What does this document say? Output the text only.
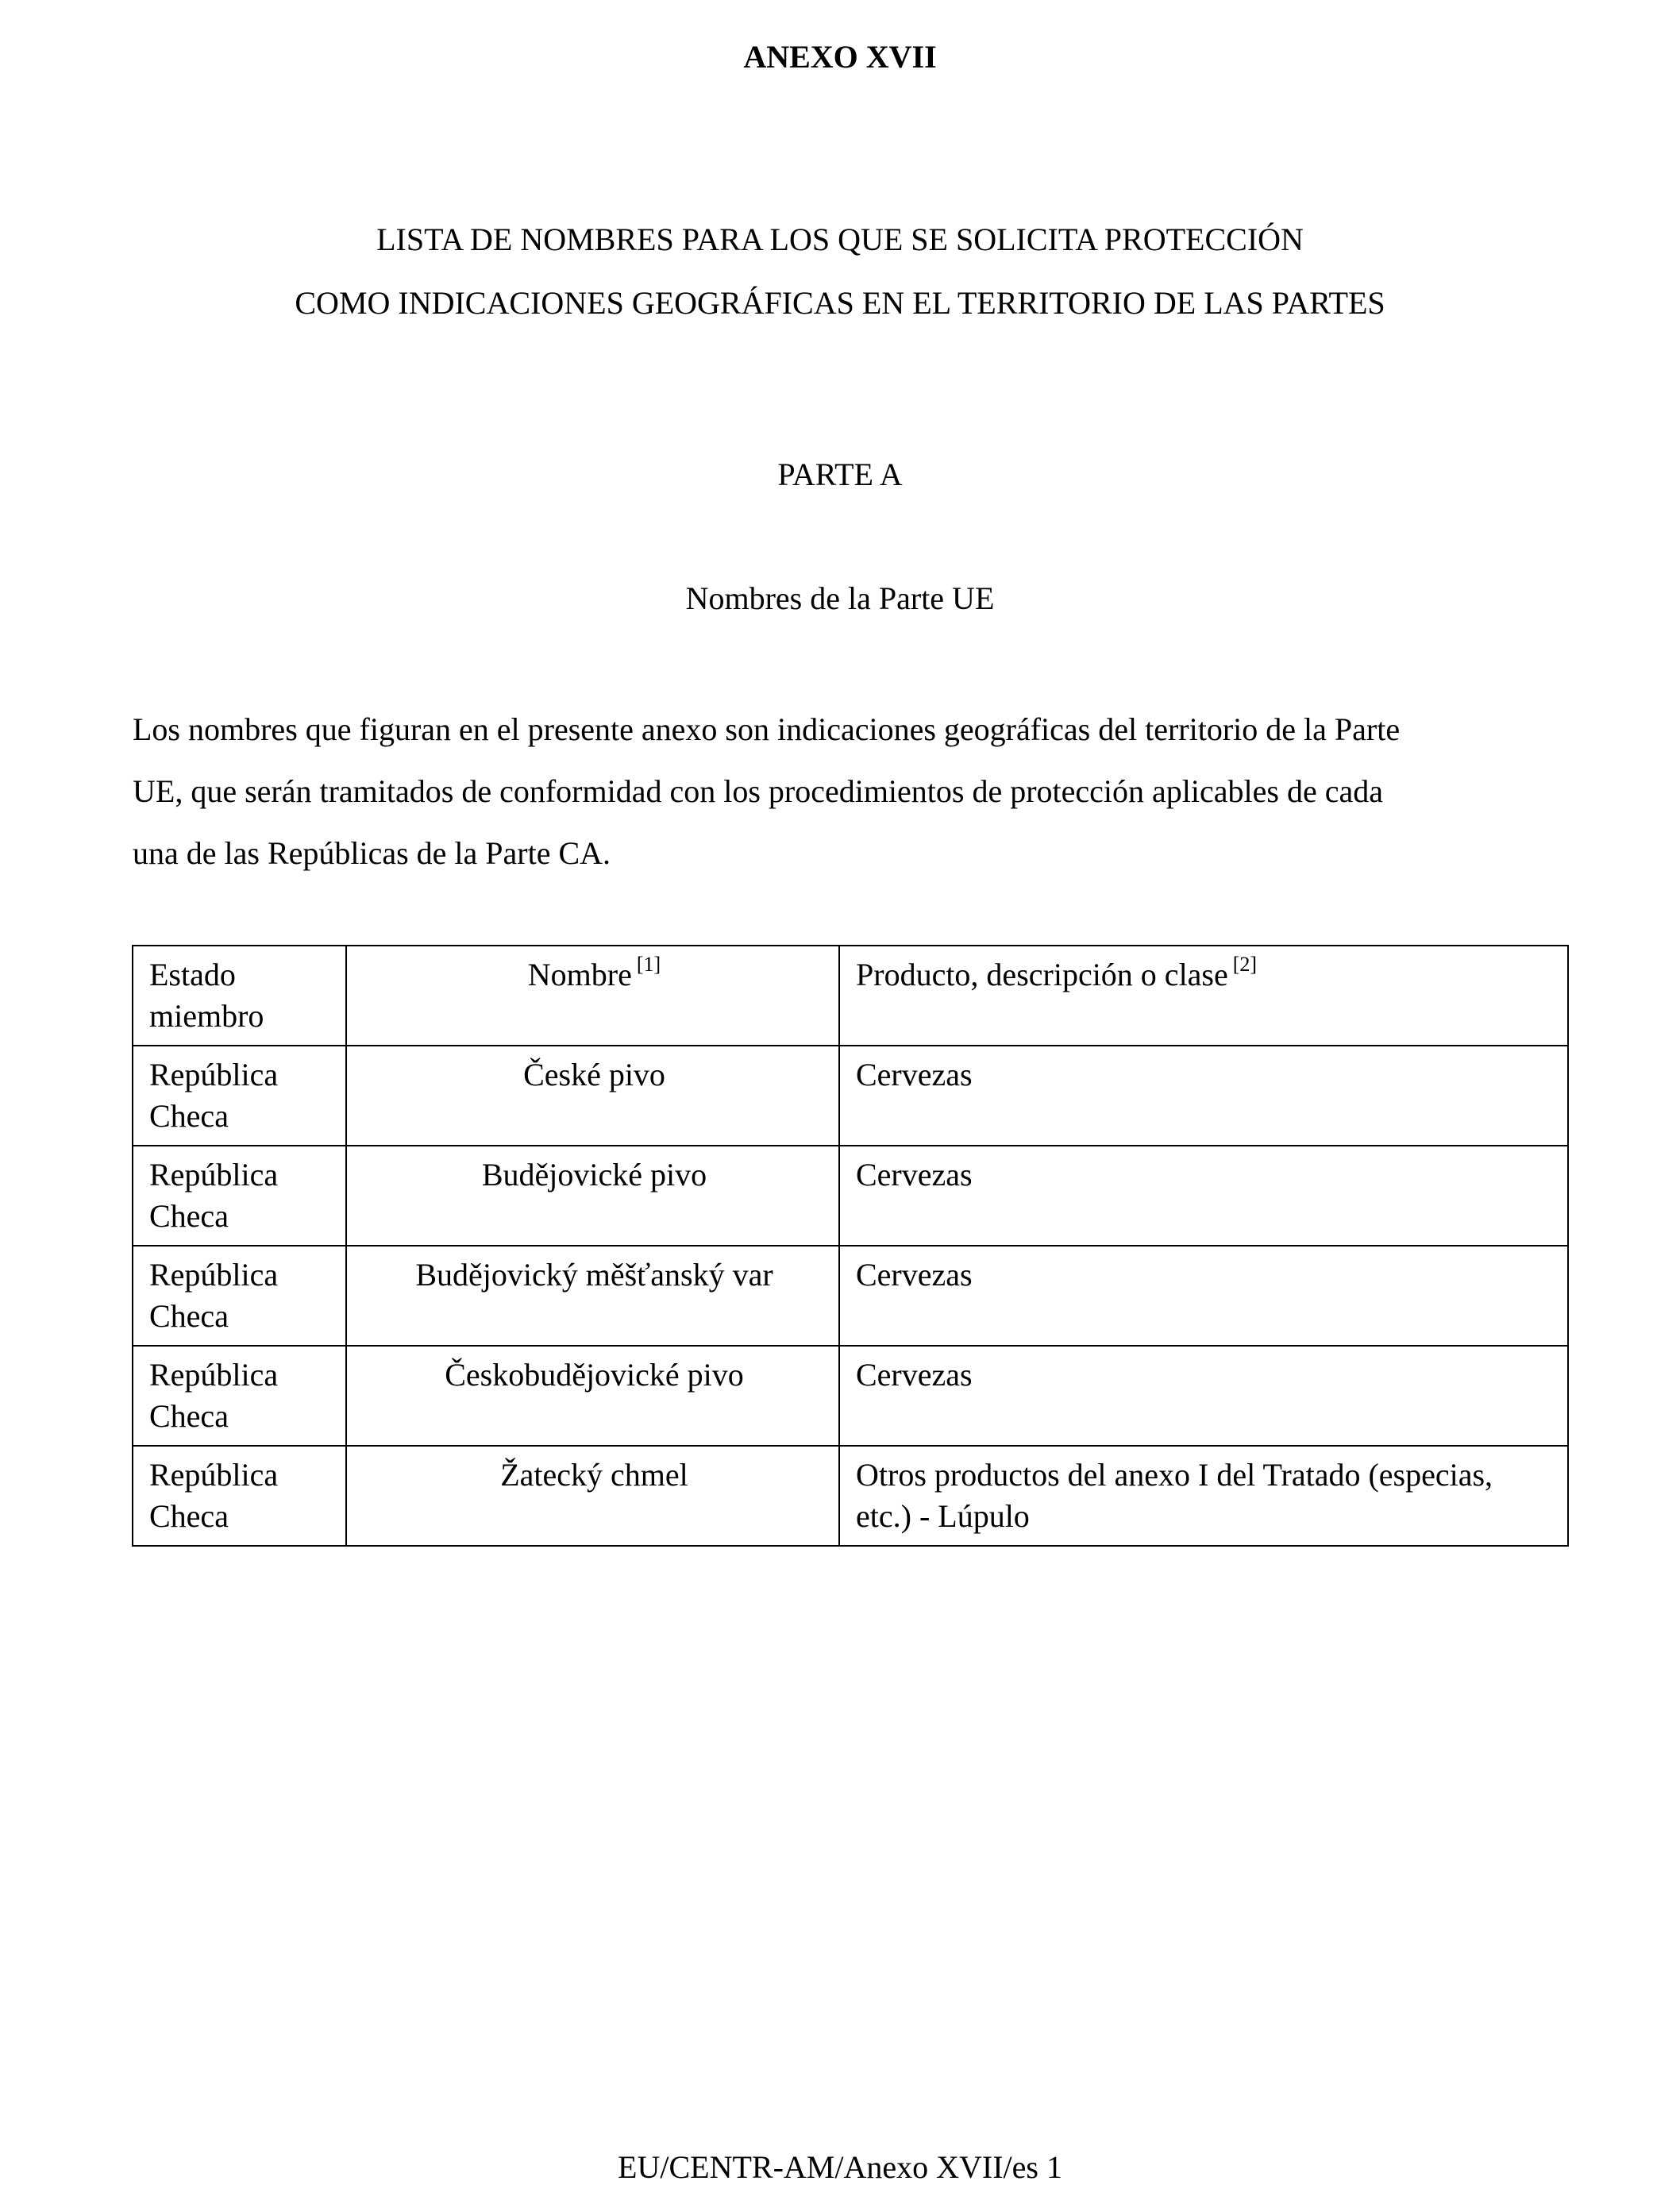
ANEXO XVII
LISTA DE NOMBRES PARA LOS QUE SE SOLICITA PROTECCIÓN
COMO INDICACIONES GEOGRÁFICAS EN EL TERRITORIO DE LAS PARTES
PARTE A

Nombres de la Parte UE

Los nombres que figuran en el presente anexo son indicaciones geográficas del territorio de la Parte
UE, que serán tramitados de conformidad con los procedimientos de protección aplicables de cada
una de las Repúblicas de la Parte CA.

Estado miembro	Nombre [1]	Producto, descripción o clase [2]
República Checa	České pivo	Cervezas
República Checa	Budějovické pivo	Cervezas
República Checa	Budějovický měšťanský var	Cervezas
República Checa	Českobudějovické pivo	Cervezas
República Checa	Žatecký chmel	Otros productos del anexo I del Tratado (especias, etc.) - Lúpulo

EU/CENTR-AM/Anexo XVII/es 1
